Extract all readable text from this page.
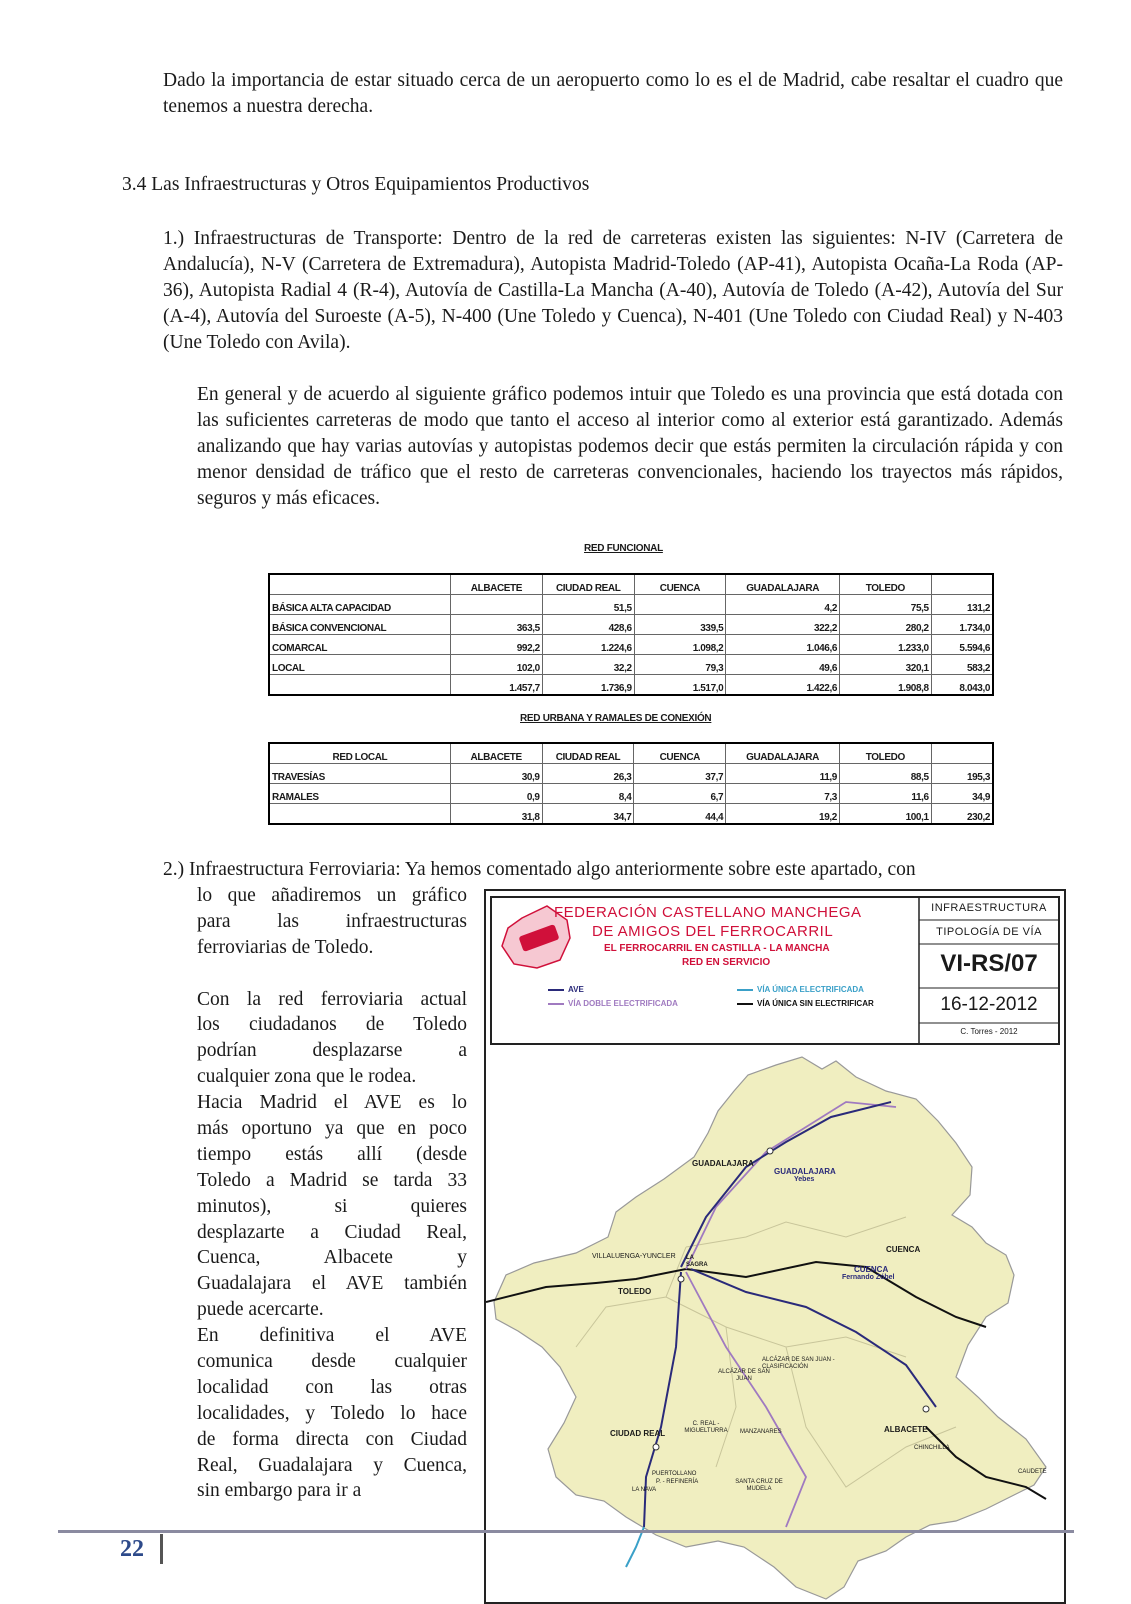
Dado la importancia de estar situado cerca de un aeropuerto como lo es el de Madrid, cabe resaltar el cuadro que tenemos a nuestra derecha.
3.4 Las Infraestructuras y Otros Equipamientos Productivos
1.) Infraestructuras de Transporte: Dentro de la red de carreteras existen las siguientes: N-IV (Carretera de Andalucía), N-V (Carretera de Extremadura), Autopista Madrid-Toledo (AP-41), Autopista Ocaña-La Roda (AP-36), Autopista Radial 4 (R-4), Autovía de Castilla-La Mancha (A-40), Autovía de Toledo (A-42), Autovía del Sur (A-4), Autovía del Suroeste (A-5), N-400 (Une Toledo y Cuenca), N-401 (Une Toledo con Ciudad Real) y N-403 (Une Toledo con Avila).
En general y de acuerdo al siguiente gráfico podemos intuir que Toledo es una provincia que está dotada con las suficientes carreteras de modo que tanto el acceso al interior como al exterior está garantizado. Además analizando que hay varias autovías y autopistas podemos decir que estás permiten la circulación rápida y con menor densidad de tráfico que el resto de carreteras convencionales, haciendo los trayectos más rápidos, seguros y más eficaces.
RED FUNCIONAL
	ALBACETE	CIUDAD REAL	CUENCA	GUADALAJARA	TOLEDO	
BÁSICA ALTA CAPACIDAD		51,5		4,2	75,5	131,2
BÁSICA CONVENCIONAL	363,5	428,6	339,5	322,2	280,2	1.734,0
COMARCAL	992,2	1.224,6	1.098,2	1.046,6	1.233,0	5.594,6
LOCAL	102,0	32,2	79,3	49,6	320,1	583,2
	1.457,7	1.736,9	1.517,0	1.422,6	1.908,8	8.043,0
RED URBANA Y RAMALES DE CONEXIÓN
RED LOCAL	ALBACETE	CIUDAD REAL	CUENCA	GUADALAJARA	TOLEDO	
TRAVESÍAS	30,9	26,3	37,7	11,9	88,5	195,3
RAMALES	0,9	8,4	6,7	7,3	11,6	34,9
	31,8	34,7	44,4	19,2	100,1	230,2
2.) Infraestructura Ferroviaria: Ya hemos comentado algo anteriormente sobre este apartado, con
lo que añadiremos un gráfico
para las infraestructuras
ferroviarias de Toledo.
Con la red ferroviaria actual
los ciudadanos de Toledo
podrían desplazarse a
cualquier zona que le rodea.
Hacia Madrid el AVE es lo
más oportuno ya que en poco
tiempo estás allí (desde
Toledo a Madrid se tarda 33
minutos), si quieres
desplazarte a Ciudad Real,
Cuenca, Albacete y
Guadalajara el AVE también
puede acercarte.
En definitiva el AVE
comunica desde cualquier
localidad con las otras
localidades, y Toledo lo hace
de forma directa con Ciudad
Real, Guadalajara y Cuenca,
sin embargo para ir a
FEDERACIÓN CASTELLANO MANCHEGA
DE AMIGOS DEL FERROCARRIL
EL FERROCARRIL EN CASTILLA - LA MANCHA
RED EN SERVICIO
AVE
VÍA DOBLE ELECTRIFICADA
VÍA ÚNICA ELECTRIFICADA
VÍA ÚNICA SIN ELECTRIFICAR
INFRAESTRUCTURA
TIPOLOGÍA DE VÍA
VI-RS/07
16-12-2012
C. Torres - 2012
GUADALAJARA
GUADALAJARA
Yebes
VILLALUENGA-YUNCLER LA SAGRA
TOLEDO
CUENCA
CUENCA
Fernando Zóbel
ALCÁZAR DE SAN JUAN - CLASIFICACIÓN
ALCÁZAR DE SAN JUAN
CIUDAD REAL
C. REAL - MIGUELTURRA	MANZANARES	ALBACETE
CHINCHILLA
PUERTOLLANO
P. - REFINERÍA
LA NAVA
SANTA CRUZ DE MUDELA
CAUDETE
22
